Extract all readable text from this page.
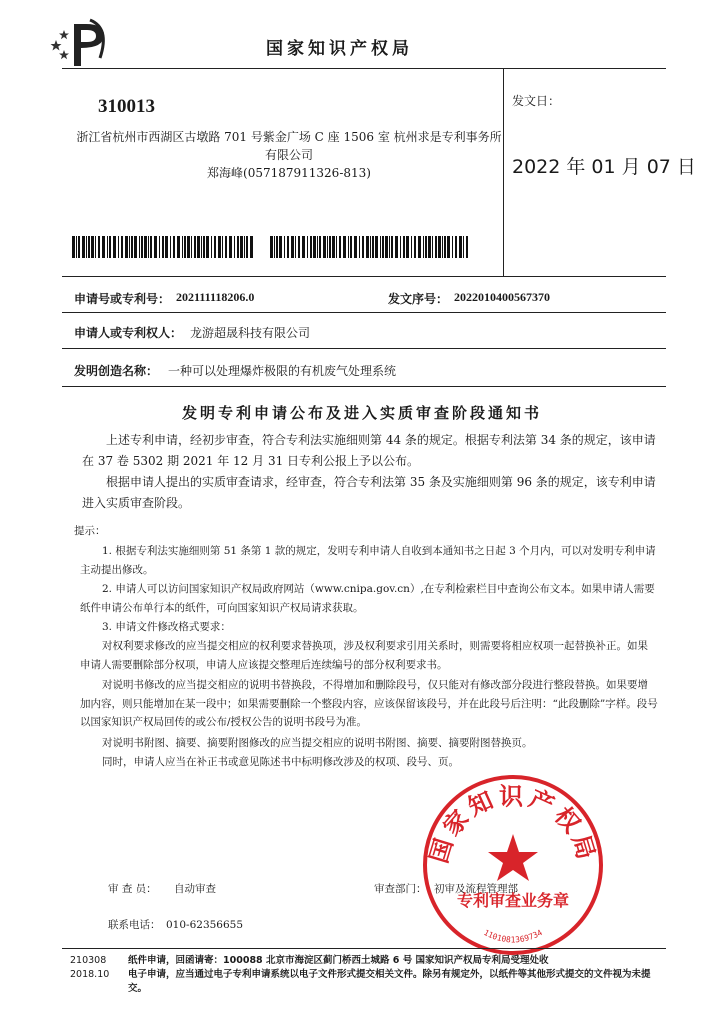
国家知识产权局
310013
浙江省杭州市西湖区古墩路 701 号紫金广场 C 座 1506 室 杭州求是专利事务所有限公司
郑海峰(057187911326-813)
发文日：
2022 年 01 月 07 日
申请号或专利号： 202111118206.0	发文序号： 2022010400567370
申请人或专利权人： 龙游超晟科技有限公司
发明创造名称： 一种可以处理爆炸极限的有机废气处理系统
发明专利申请公布及进入实质审查阶段通知书
上述专利申请，经初步审查，符合专利法实施细则第 44 条的规定。根据专利法第 34 条的规定，该申请在 37 卷 5302 期 2021 年 12 月 31 日专利公报上予以公布。
根据申请人提出的实质审查请求，经审查，符合专利法第 35 条及实施细则第 96 条的规定，该专利申请进入实质审查阶段。
提示：
1. 根据专利法实施细则第 51 条第 1 款的规定，发明专利申请人自收到本通知书之日起 3 个月内，可以对发明专利申请主动提出修改。
2. 申请人可以访问国家知识产权局政府网站（www.cnipa.gov.cn）,在专利检索栏目中查询公布文本。如果申请人需要纸件申请公布单行本的纸件，可向国家知识产权局请求获取。
3. 申请文件修改格式要求：
对权利要求修改的应当提交相应的权利要求替换项，涉及权利要求引用关系时，则需要将相应权项一起替换补正。如果申请人需要删除部分权项，申请人应该提交整理后连续编号的部分权利要求书。
对说明书修改的应当提交相应的说明书替换段，不得增加和删除段号，仅只能对有修改部分段进行整段替换。如果要增加内容，则只能增加在某一段中；如果需要删除一个整段内容，应该保留该段号，并在此段号后注明：“此段删除”字样。段号以国家知识产权局回传的或公布/授权公告的说明书段号为准。
对说明书附图、摘要、摘要附图修改的应当提交相应的说明书附图、摘要、摘要附图替换页。
同时，申请人应当在补正书或意见陈述书中标明修改涉及的权项、段号、页。
审 查 员： 自动审查	审查部门： 初审及流程管理部
联系电话： 010-62356655
国家知识产权局
专利审查业务章
1101081369734
210308
2018.10
纸件申请，回函请寄：100088 北京市海淀区蓟门桥西土城路 6 号 国家知识产权局专利局受理处收
电子申请，应当通过电子专利申请系统以电子文件形式提交相关文件。除另有规定外，以纸件等其他形式提交的文件视为未提交。
